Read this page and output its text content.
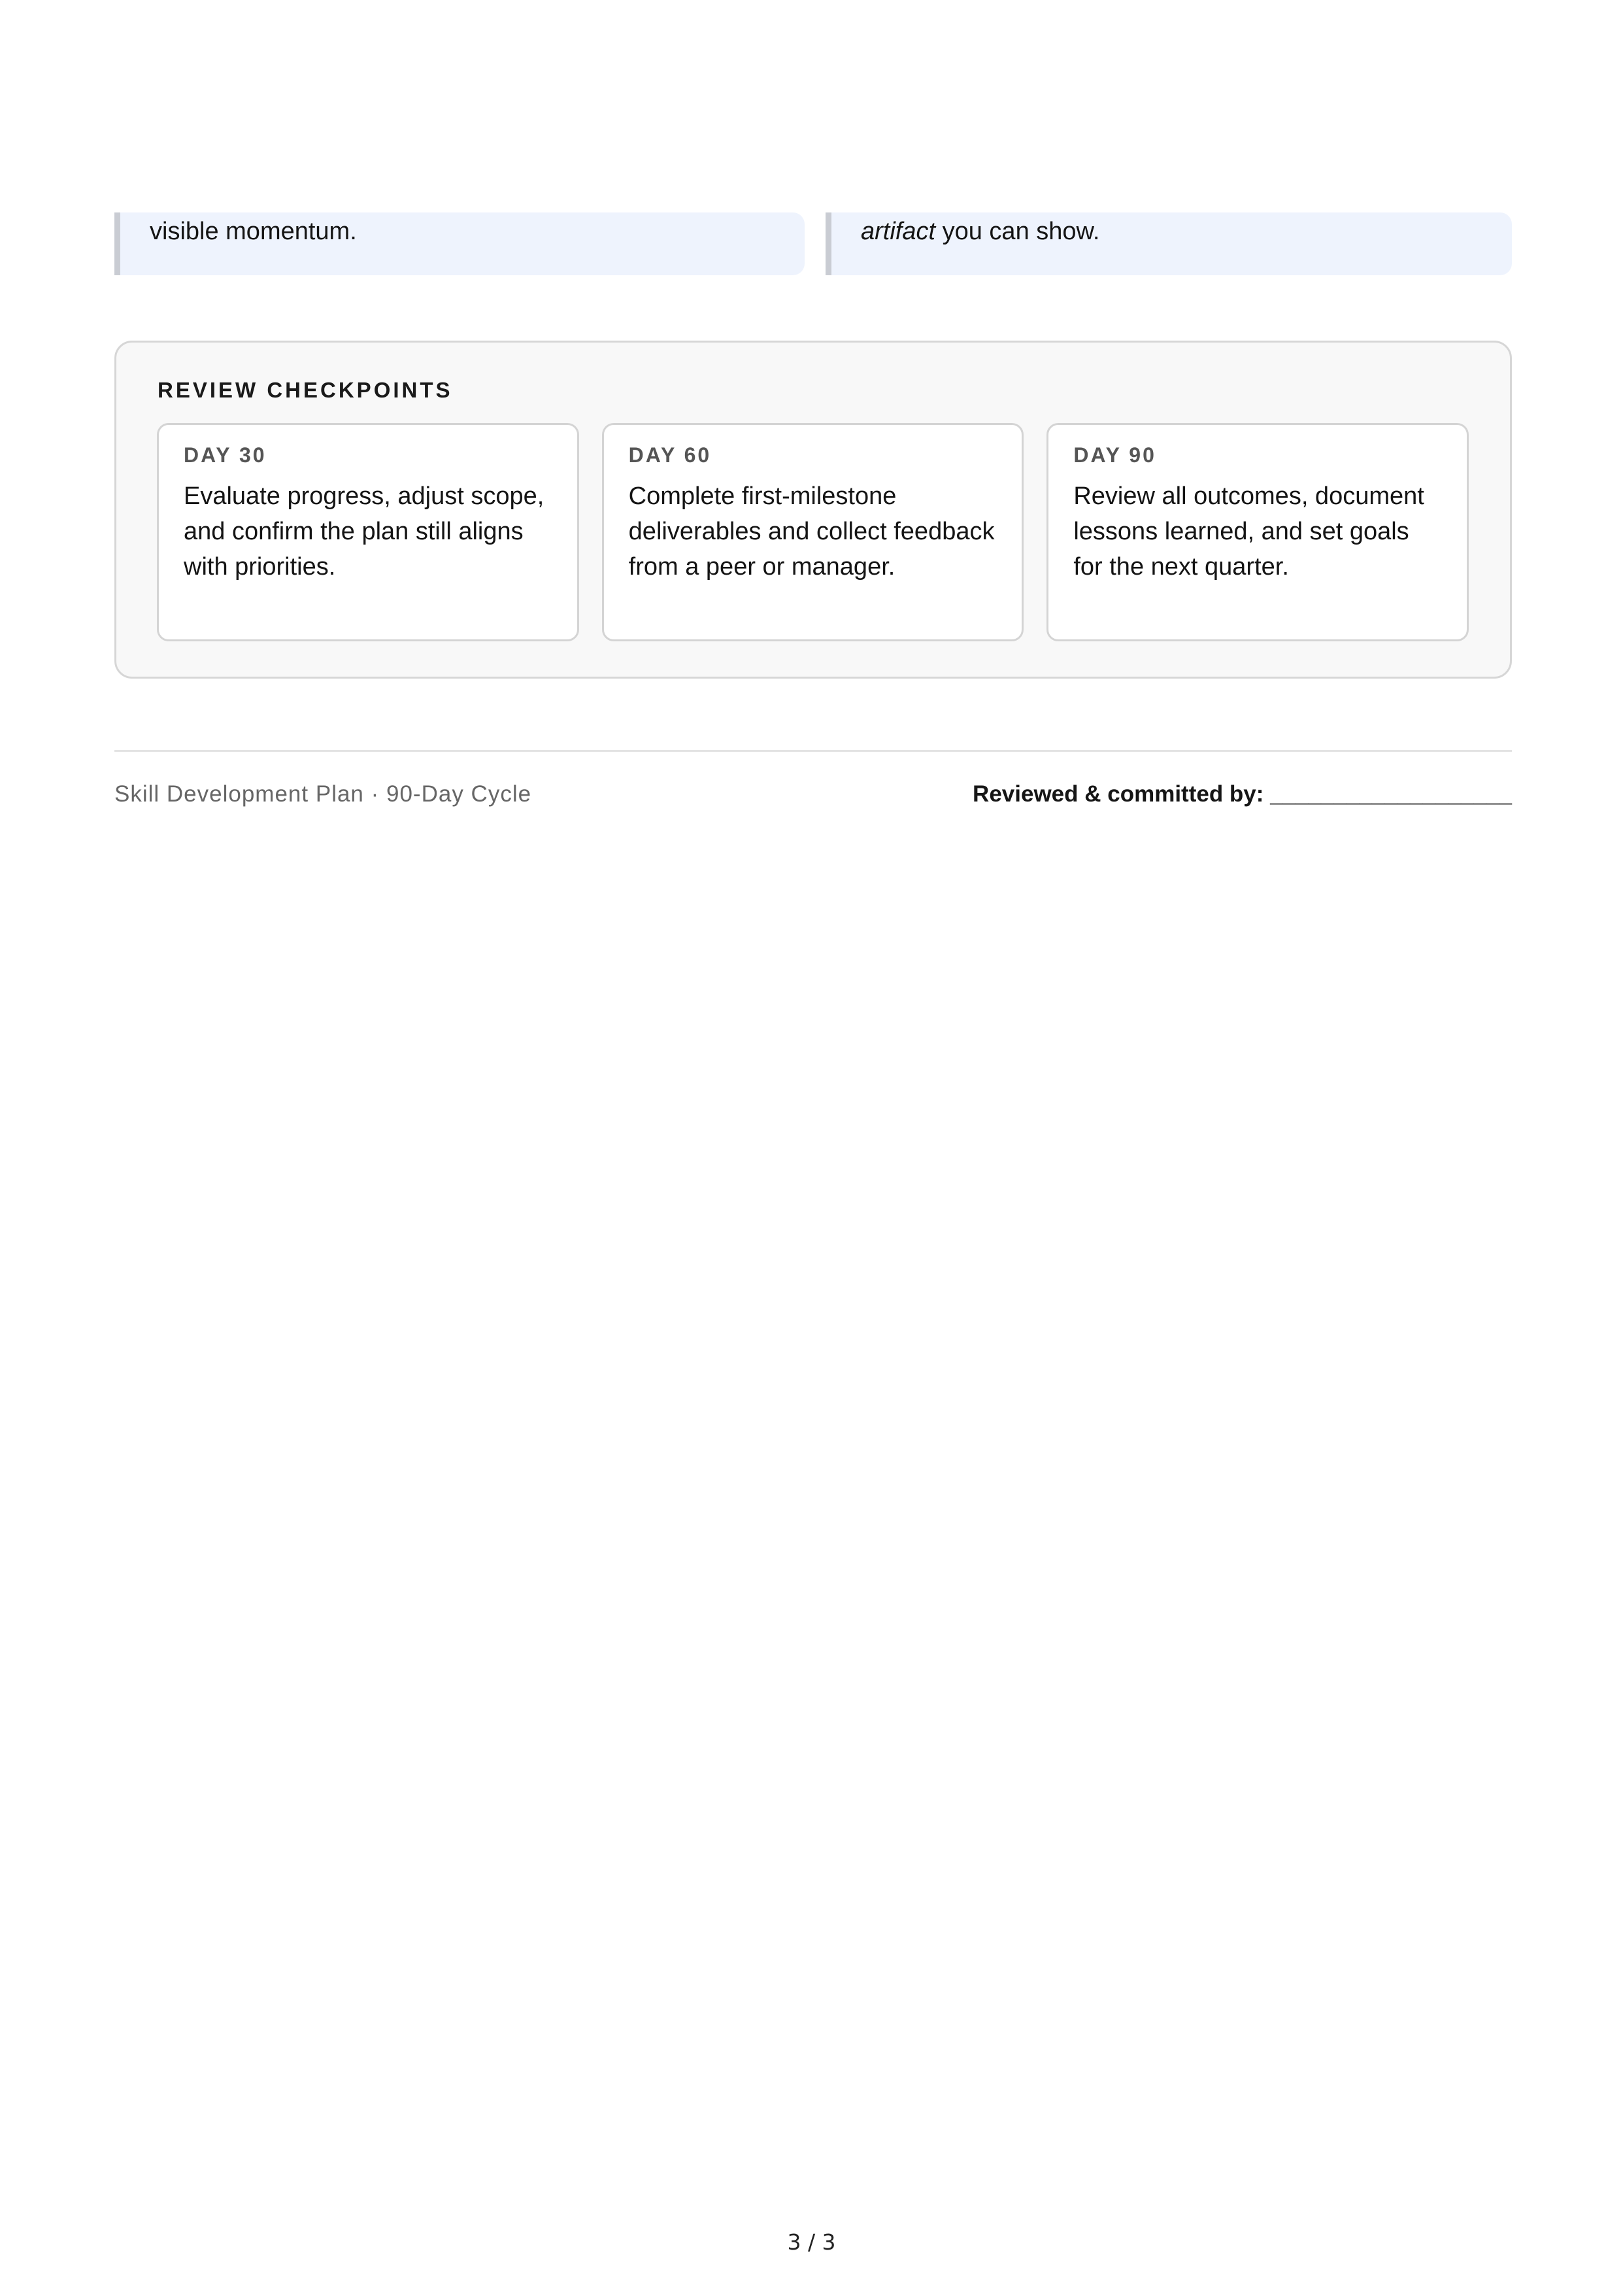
visible momentum.	artifact you can show.
REVIEW CHECKPOINTS

DAY 30

Evaluate progress, adjust scope, and confirm the plan still aligns with priorities.

DAY 60

Complete first-milestone deliverables and collect feedback from a peer or manager.

DAY 90

Review all outcomes, document lessons learned, and set goals for the next quarter.

Skill Development Plan · 90-Day Cycle	Reviewed & committed by: ___________________
3 / 3
